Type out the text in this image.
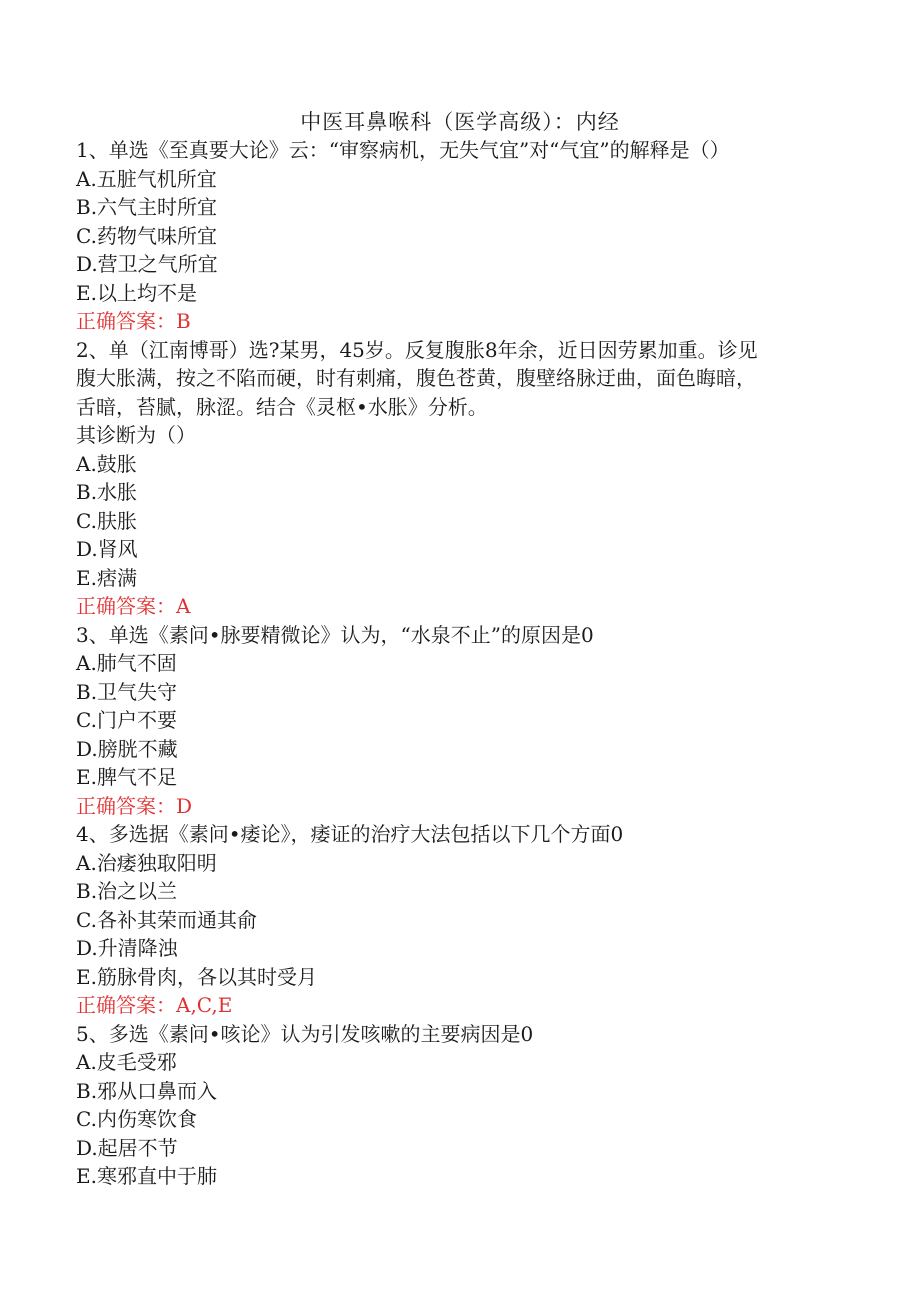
中医耳鼻喉科（医学高级）：内经
1、单选《至真要大论》云：“审察病机，无失气宜”对“气宜”的解释是（）
A.五脏气机所宜
B.六气主时所宜
C.药物气味所宜
D.营卫之气所宜
E.以上均不是
正确答案：B
2、单（江南博哥）选?某男，45岁。反复腹胀8年余，近日因劳累加重。诊见
腹大胀满，按之不陷而硬，时有刺痛，腹色苍黄，腹壁络脉迂曲，面色晦暗，
舌暗，苔腻，脉涩。结合《灵枢•水胀》分析。
其诊断为（）
A.鼓胀
B.水胀
C.肤胀
D.肾风
E.痞满
正确答案：A
3、单选《素问•脉要精微论》认为，“水泉不止”的原因是0
A.肺气不固
B.卫气失守
C.门户不要
D.膀胱不藏
E.脾气不足
正确答案：D
4、多选据《素问•痿论》，痿证的治疗大法包括以下几个方面0
A.治痿独取阳明
B.治之以兰
C.各补其荣而通其俞
D.升清降浊
E.筋脉骨肉，各以其时受月
正确答案：A,C,E
5、多选《素问•咳论》认为引发咳嗽的主要病因是0
A.皮毛受邪
B.邪从口鼻而入
C.内伤寒饮食
D.起居不节
E.寒邪直中于肺
